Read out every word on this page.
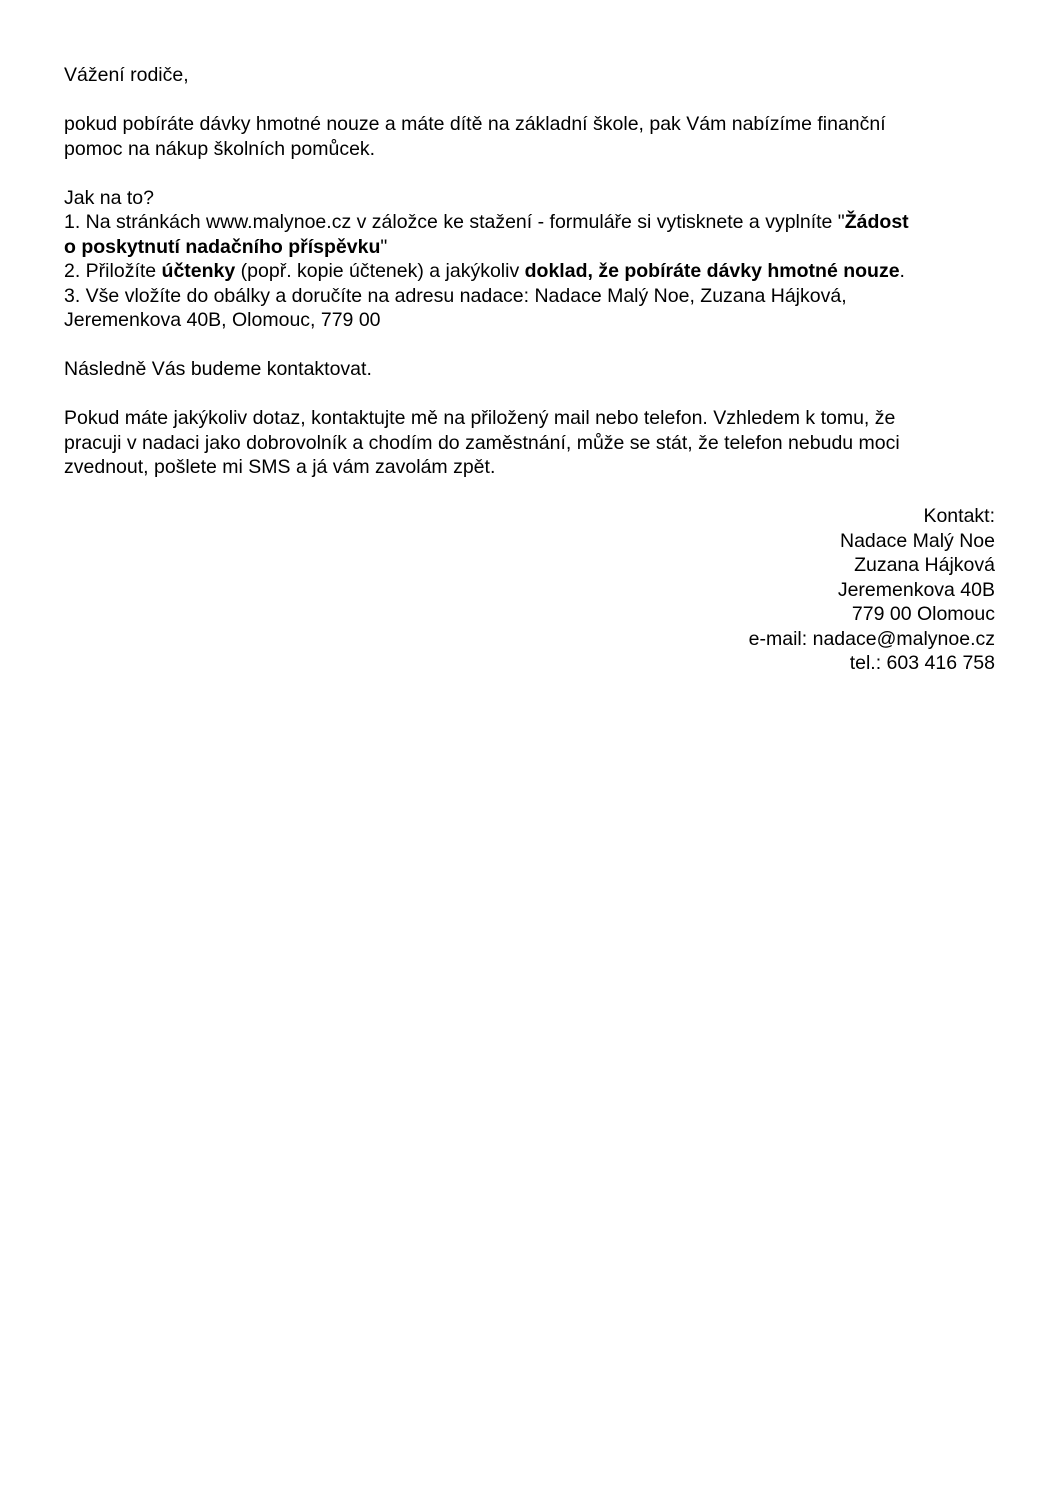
Vážení rodiče,

pokud pobíráte dávky hmotné nouze a máte dítě na základní škole, pak Vám nabízíme finanční

pomoc na nákup školních pomůcek.

Jak na to?

1. Na stránkách www.malynoe.cz v záložce ke stažení - formuláře si vytisknete a vyplníte "Žádost

o poskytnutí nadačního příspěvku"

2. Přiložíte účtenky (popř. kopie účtenek) a jakýkoliv doklad, že pobíráte dávky hmotné nouze.

3. Vše vložíte do obálky a doručíte na adresu nadace: Nadace Malý Noe, Zuzana Hájková,

Jeremenkova 40B, Olomouc, 779 00

Následně Vás budeme kontaktovat.

Pokud máte jakýkoliv dotaz, kontaktujte mě na přiložený mail nebo telefon. Vzhledem k tomu, že

pracuji v nadaci jako dobrovolník a chodím do zaměstnání, může se stát, že telefon nebudu moci

zvednout, pošlete mi SMS a já vám zavolám zpět.

Kontakt:
Nadace Malý Noe
Zuzana Hájková
Jeremenkova 40B
779 00 Olomouc
e-mail: nadace@malynoe.cz
tel.: 603 416 758
